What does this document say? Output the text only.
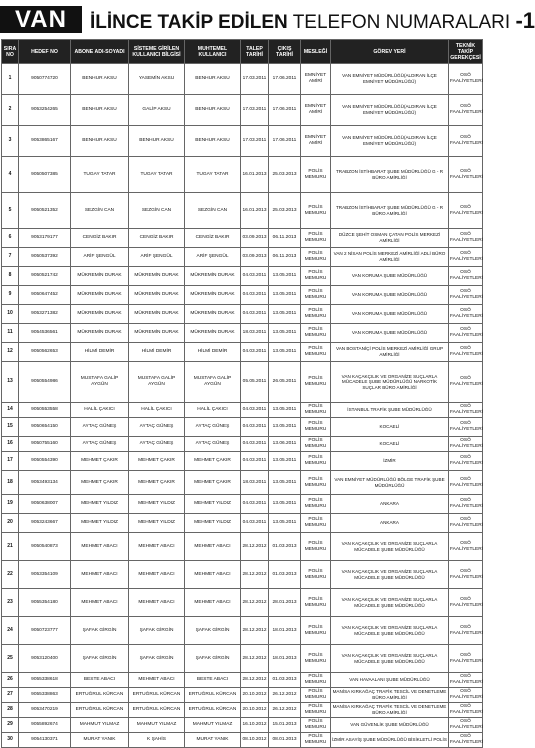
VAN	İLİNCE TAKİP EDİLEN TELEFON NUMARALARI -1
SIRA NO	HEDEF NO	ABONE ADI-SOYADI	SİSTEME GİRİLEN KULLANICI BİLGİSİ	MUHTEMEL KULLANICI	TALEP TARİHİ	ÇIKIŞ TARİHİ	MESLEĞİ	GÖREV YERİ	TEKNİK TAKİP GEREKÇESİ
1	9050774720	BENHUR AKSU	YASEMİN AKSU	BENHUR AKSU	17.03.2011	17.06.2011	EMNİYET AMİRİ	VAN EMNİYET MÜDÜRLÜĞÜ(ALDIRAN İLÇE EMNİYET MÜDÜRLÜĞÜ)	OSÖ FAALİYETLERİ
2	9053254265	BENHUR AKSU	GALİP AKSU	BENHUR AKSU	17.03.2011	17.06.2011	EMNİYET AMİRİ	VAN EMNİYET MÜDÜRLÜĞÜ(ALDIRAN İLÇE EMNİYET MÜDÜRLÜĞÜ)	OSÖ FAALİYETLERİ
3	9053865167	BENHUR AKSU	BENHUR AKSU	BENHUR AKSU	17.03.2011	17.06.2011	EMNİYET AMİRİ	VAN EMNİYET MÜDÜRLÜĞÜ(ALDIRAN İLÇE EMNİYET MÜDÜRLÜĞÜ)	OSÖ FAALİYETLERİ
4	9050507385	TUGAY TATAR	TUGAY TATAR	TUGAY TATAR	16.01.2013	25.03.2013	POLİS MEMURU	TRABZON İSTİHBARAT ŞUBE MÜDÜRLÜĞÜ G - R BÜRO AMİRLİĞİ	OSÖ FAALİYETLERİ
5	9050521352	SEZGİN CAN	SEZGİN CAN	SEZGİN CAN	16.01.2013	25.03.2013	POLİS MEMURU	TRABZON İSTİHBARAT ŞUBE MÜDÜRLÜĞÜ G - R BÜRO AMİRLİĞİ	OSÖ FAALİYETLERİ
6	9053179177	CENGİZ BAKIR	CENGİZ BAKIR	CENGİZ BAKIR	03.09.2013	06.11.2013	POLİS MEMURU	DÜZCE ŞEHİT OSMAN ÇATAN POLİS MERKEZİ AMİRLİĞİ	OSÖ FAALİYETLERİ
7	9050537392	ARİF ŞENGÜL	ARİF ŞENGÜL	ARİF ŞENGÜL	03.09.2013	06.11.2013	POLİS MEMURU	VAN 2 NİSAN POLİS MERKEZİ AMİRLİĞİ ADLİ BÜRO AMİRLİĞİ	OSÖ FAALİYETLERİ
8	9050521742	MÜKREMİN DURAK	MÜKREMİN DURAK	MÜKREMİN DURAK	04.03.2011	13.05.2011	POLİS MEMURU	VAN KORUMA ŞUBE MÜDÜRLÜĞÜ	OSÖ FAALİYETLERİ
9	9050647452	MÜKREMİN DURAK	MÜKREMİN DURAK	MÜKREMİN DURAK	04.03.2011	13.05.2011	POLİS MEMURU	VAN KORUMA ŞUBE MÜDÜRLÜĞÜ	OSÖ FAALİYETLERİ
10	9053271382	MÜKREMİN DURAK	MÜKREMİN DURAK	MÜKREMİN DURAK	04.03.2011	13.05.2011	POLİS MEMURU	VAN KORUMA ŞUBE MÜDÜRLÜĞÜ	OSÖ FAALİYETLERİ
11	9054536561	MÜKREMİN DURAK	MÜKREMİN DURAK	MÜKREMİN DURAK	18.03.2011	13.05.2011	POLİS MEMURU	VAN KORUMA ŞUBE MÜDÜRLÜĞÜ	OSÖ FAALİYETLERİ
12	9050562653	HİLMİ DEMİR	HİLMİ DEMİR	HİLMİ DEMİR	04.03.2011	13.05.2011	POLİS MEMURU	VAN BOSTANİÇİ POLİS MERKEZİ AMİRLİĞİ GRUP AMİRLİĞİ	OSÖ FAALİYETLERİ
13	9050554986	MUSTAFA GALİP AYGÜN	MUSTAFA GALİP AYGÜN	MUSTAFA GALİP AYGÜN	05.05.2011	26.05.2011	POLİS MEMURU	VAN KAÇAKÇILIK VE ORGANİZE SUÇLARLA MÜCADELE ŞUBE MÜDÜRLÜĞÜ NARKOTİK SUÇLAR BÜRO AMİRLİĞİ	OSÖ FAALİYETLERİ
14	9050553558	HALİL ÇAKICI	HALİL ÇAKICI	HALİL ÇAKICI	04.03.2011	13.05.2011	POLİS MEMURU	İSTANBUL TRAFİK ŞUBE MÜDÜRLÜĞÜ	OSÖ FAALİYETLERİ
15	9050654150	AYTAÇ GÜNEŞ	AYTAÇ GÜNEŞ	AYTAÇ GÜNEŞ	04.03.2011	13.05.2011	POLİS MEMURU	KOCAELİ	OSÖ FAALİYETLERİ
16	9050755160	AYTAÇ GÜNEŞ	AYTAÇ GÜNEŞ	AYTAÇ GÜNEŞ	04.03.2011	13.06.2011	POLİS MEMURU	KOCAELİ	OSÖ FAALİYETLERİ
17	9050554390	MEHMET ÇAKIR	MEHMET ÇAKIR	MEHMET ÇAKIR	04.03.2011	13.05.2011	POLİS MEMURU	İZMİR	OSÖ FAALİYETLERİ
18	9053493134	MEHMET ÇAKIR	MEHMET ÇAKIR	MEHMET ÇAKIR	18.03.2011	13.05.2011	POLİS MEMURU	VAN EMNİYET MÜDÜRLÜĞÜ BÖLGE TRAFİK ŞUBE MÜDÜRLÜĞÜ	OSÖ FAALİYETLERİ
19	9050638007	MEHMET YILDIZ	MEHMET YILDIZ	MEHMET YILDIZ	04.03.2011	13.05.2011	POLİS MEMURU	ANKARA	OSÖ FAALİYETLERİ
20	9053243667	MEHMET YILDIZ	MEHMET YILDIZ	MEHMET YILDIZ	04.03.2011	13.05.2011	POLİS MEMURU	ANKARA	OSÖ FAALİYETLERİ
21	9050540873	MEHMET ABACI	MEHMET ABACI	MEHMET ABACI	28.12.2012	01.03.2013	POLİS MEMURU	VAN KAÇAKÇILIK VE ORGANİZE SUÇLARLA MÜCADELE ŞUBE MÜDÜRLÜĞÜ	OSÖ FAALİYETLERİ
22	9053354109	MEHMET ABACI	MEHMET ABACI	MEHMET ABACI	28.12.2012	01.03.2013	POLİS MEMURU	VAN KAÇAKÇILIK VE ORGANİZE SUÇLARLA MÜCADELE ŞUBE MÜDÜRLÜĞÜ	OSÖ FAALİYETLERİ
23	9055354180	MEHMET ABACI	MEHMET ABACI	MEHMET ABACI	28.12.2012	28.01.2013	POLİS MEMURU	VAN KAÇAKÇILIK VE ORGANİZE SUÇLARLA MÜCADELE ŞUBE MÜDÜRLÜĞÜ	OSÖ FAALİYETLERİ
24	9050723777	ŞAFAK GİRGİN	ŞAFAK GİRGİN	ŞAFAK GİRGİN	28.12.2012	18.01.2013	POLİS MEMURU	VAN KAÇAKÇILIK VE ORGANİZE SUÇLARLA MÜCADELE ŞUBE MÜDÜRLÜĞÜ	OSÖ FAALİYETLERİ
25	9053120400	ŞAFAK GİRGİN	ŞAFAK GİRGİN	ŞAFAK GİRGİN	28.12.2012	18.01.2013	POLİS MEMURU	VAN KAÇAKÇILIK VE ORGANİZE SUÇLARLA MÜCADELE ŞUBE MÜDÜRLÜĞÜ	OSÖ FAALİYETLERİ
26	9055338618	BESTE ABACI	MEHMET ABACI	BESTE ABACI	28.12.2012	01.03.2013	POLİS MEMURU	VAN HAVAALANI ŞUBE MÜDÜRLÜĞÜ	OSÖ FAALİYETLERİ
27	9055338863	ERTUĞRUL KÜRCAN	ERTUĞRUL KÜRCAN	ERTUĞRUL KÜRCAN	20.10.2012	26.12.2012	POLİS MEMURU	MANİSA KIRKAĞAÇ TRAFİK TESCİL VE DENETLEME BÜRO AMİRLİĞİ	OSÖ FAALİYETLERİ
28	9053470219	ERTUĞRUL KÜRCAN	ERTUĞRUL KÜRCAN	ERTUĞRUL KÜRCAN	20.10.2012	26.12.2012	POLİS MEMURU	MANİSA KIRKAĞAÇ TRAFİK TESCİL VE DENETLEME BÜRO AMİRLİĞİ	OSÖ FAALİYETLERİ
29	9055892674	MAHMUT YILMAZ	MAHMUT YILMAZ	MAHMUT YILMAZ	16.10.2012	15.01.2013	POLİS MEMURU	VAN GÜVENLİK ŞUBE MÜDÜRLÜĞÜ	OSÖ FAALİYETLERİ
30	9054130371	MURAT YANIK	K ŞAHİS	MURAT YANIK	08.10.2012	08.01.2013	POLİS MEMURU	İZMİR ASAYİŞ ŞUBE MÜDÜRLÜĞÜ BİSİKLETLİ POLİS	OSÖ FAALİYETLERİ
